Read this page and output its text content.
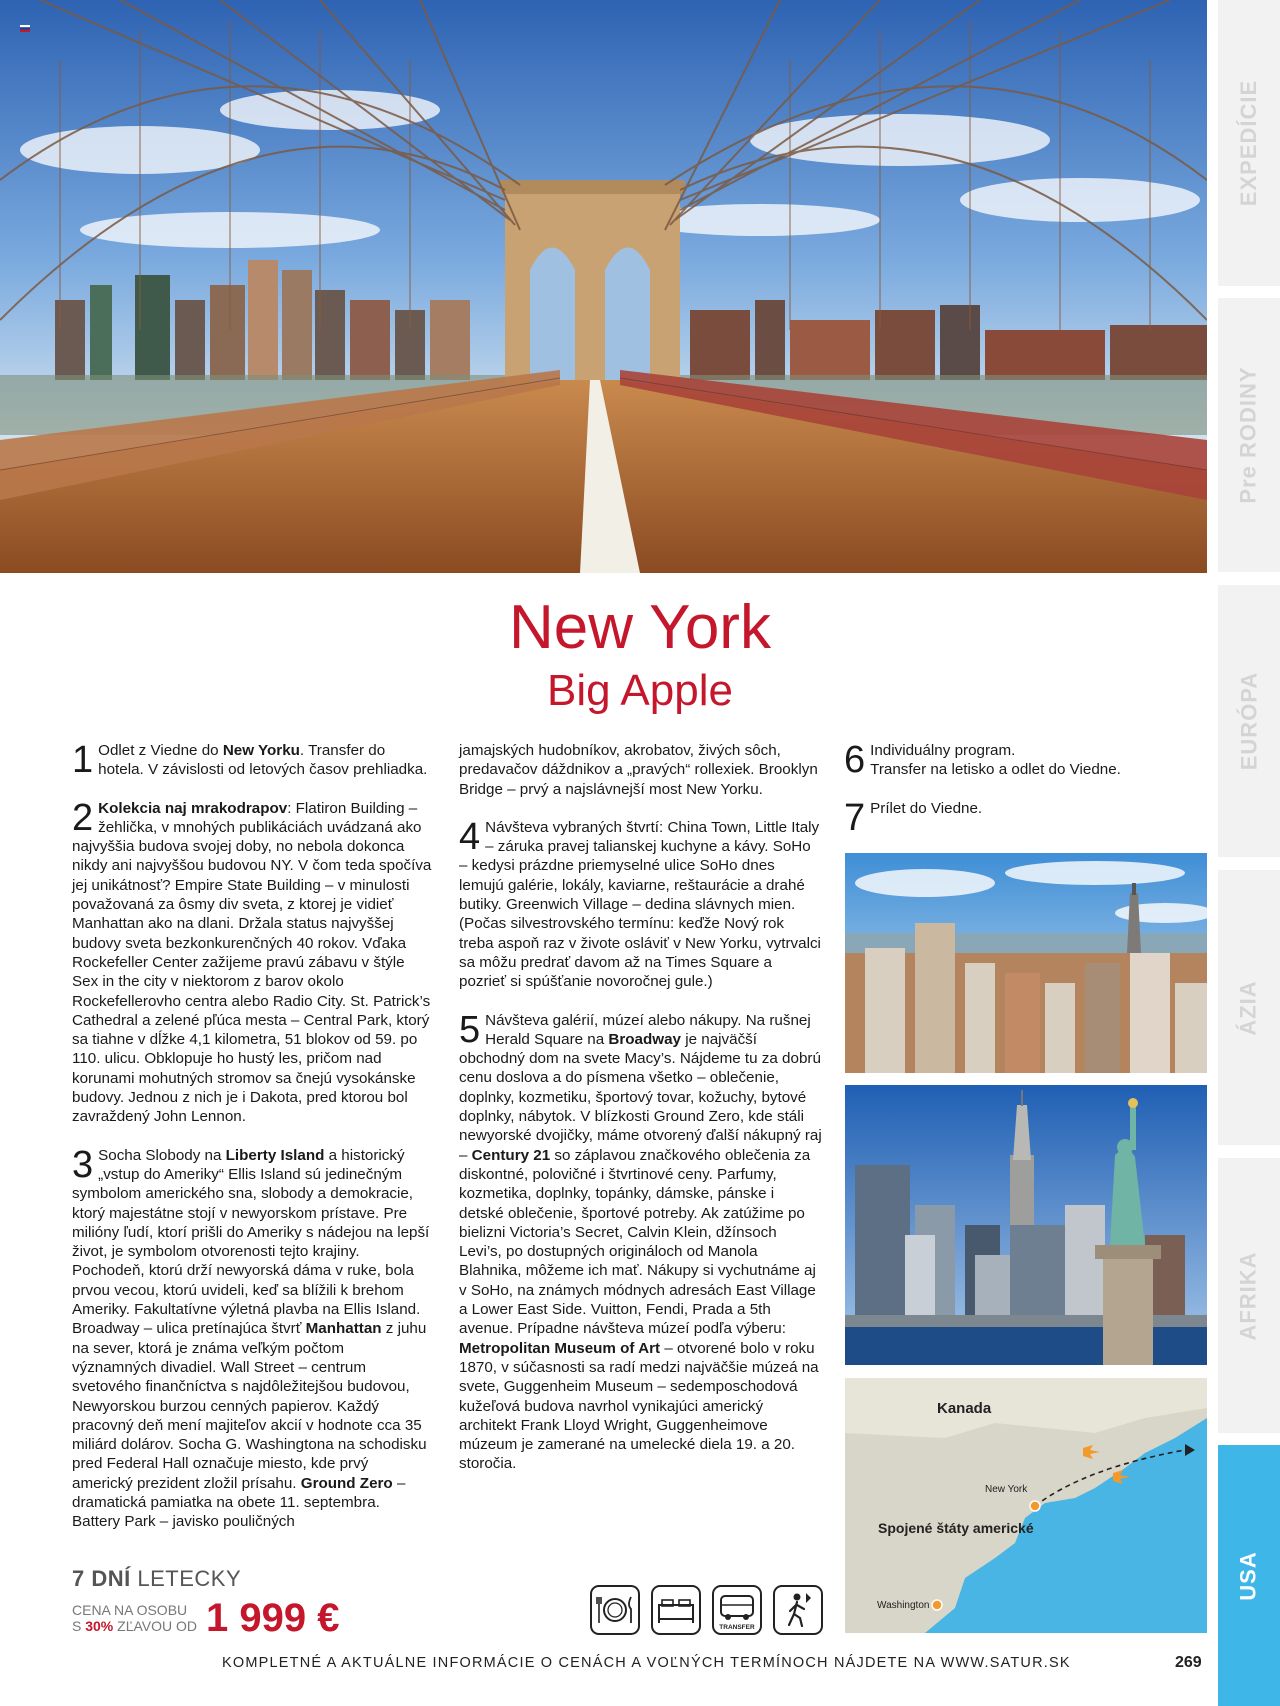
EXPEDÍCIE
Pre RODINY
EURÓPA
ÁZIA
AFRIKA
USA
New York
Big Apple

1 Odlet z Viedne do New Yorku. Transfer do hotela. V závislosti od letových časov prehliadka.

2 Kolekcia naj mrakodrapov: Flatiron Building – žehlička, v mnohých publikáciách uvádzaná ako najvyššia budova svojej doby, no nebola dokonca nikdy ani najvyššou budovou NY. V čom teda spočíva jej unikátnosť? Empire State Building – v minulosti považovaná za ôsmy div sveta, z ktorej je vidieť Manhattan ako na dlani. Držala status najvyššej budovy sveta bezkonkurenčných 40 rokov. Vďaka Rockefeller Center zažijeme pravú zábavu v štýle Sex in the city v niektorom z barov okolo Rockefellerovho centra alebo Radio City. St. Patrick’s Cathedral a zelené pľúca mesta – Central Park, ktorý sa tiahne v dĺžke 4,1 kilometra, 51 blokov od 59. po 110. ulicu. Obklopuje ho hustý les, pričom nad korunami mohutných stromov sa čnejú vysokánske budovy. Jednou z nich je i Dakota, pred ktorou bol zavraždený John Lennon.

3 Socha Slobody na Liberty Island a historický „vstup do Ameriky“ Ellis Island sú jedinečným symbolom amerického sna, slobody a demokracie, ktorý majestátne stojí v newyorskom prístave. Pre milióny ľudí, ktorí prišli do Ameriky s nádejou na lepší život, je symbolom otvorenosti tejto krajiny. Pochodeň, ktorú drží newyorská dáma v ruke, bola prvou vecou, ktorú uvideli, keď sa blížili k brehom Ameriky. Fakultatívne výletná plavba na Ellis Island. Broadway – ulica pretínajúca štvrť Manhattan z juhu na sever, ktorá je známa veľkým počtom významných divadiel. Wall Street – centrum svetového finančníctva s najdôležitejšou budovou, Newyorskou burzou cenných papierov. Každý pracovný deň mení majiteľov akcií v hodnote cca 35 miliárd dolárov. Socha G. Washingtona na schodisku pred Federal Hall označuje miesto, kde prvý americký prezident zložil prísahu. Ground Zero – dramatická pamiatka na obete 11. septembra. Battery Park – javisko pouličných

jamajských hudobníkov, akrobatov, živých sôch, predavačov dáždnikov a „pravých“ rollexiek. Brooklyn Bridge – prvý a najslávnejší most New Yorku.

4 Návšteva vybraných štvrtí: China Town, Little Italy – záruka pravej talianskej kuchyne a kávy. SoHo – kedysi prázdne priemyselné ulice SoHo dnes lemujú galérie, lokály, kaviarne, reštaurácie a drahé butiky. Greenwich Village – dedina slávnych mien. (Počas silvestrovského termínu: keďže Nový rok treba aspoň raz v živote osláviť v New Yorku, vytrvalci sa môžu predrať davom až na Times Square a pozrieť si spúšťanie novoročnej gule.)

5 Návšteva galérií, múzeí alebo nákupy. Na rušnej Herald Square na Broadway je najväčší obchodný dom na svete Macy’s. Nájdeme tu za dobrú cenu doslova a do písmena všetko – oblečenie, doplnky, kozmetiku, športový tovar, kožuchy, bytové doplnky, nábytok. V blízkosti Ground Zero, kde stáli newyorské dvojičky, máme otvorený ďalší nákupný raj – Century 21 so záplavou značkového oblečenia za diskontné, polovičné i štvrtinové ceny. Parfumy, kozmetika, doplnky, topánky, dámske, pánske i detské oblečenie, športové potreby. Ak zatúžime po bielizni Victoria’s Secret, Calvin Klein, džínsoch Levi’s, po dostupných origináloch od Manola Blahnika, môžeme ich mať. Nákupy si vychutnáme aj v SoHo, na známych módnych adresách East Village a Lower East Side. Vuitton, Fendi, Prada a 5th avenue. Prípadne návšteva múzeí podľa výberu: Metropolitan Museum of Art – otvorené bolo v roku 1870, v súčasnosti sa radí medzi najväčšie múzeá na svete, Guggenheim Museum – sedemposchodová kužeľová budova navrhol vynikajúci americký architekt Frank Lloyd Wright, Guggenheimove múzeum je zamerané na umelecké diela 19. a 20. storočia.

6 Individuálny program.
Transfer na letisko a odlet do Viedne.

7 Prílet do Viedne.

Kanada
New York
Spojené štáty americké
Washington
7 DNÍ LETECKY
CENA NA OSOBU
S 30% ZĽAVOU OD 1 999 €	TRANSFER
KOMPLETNÉ A AKTUÁLNE INFORMÁCIE O CENÁCH A VOĽNÝCH TERMÍNOCH NÁJDETE NA WWW.SATUR.SK	269
